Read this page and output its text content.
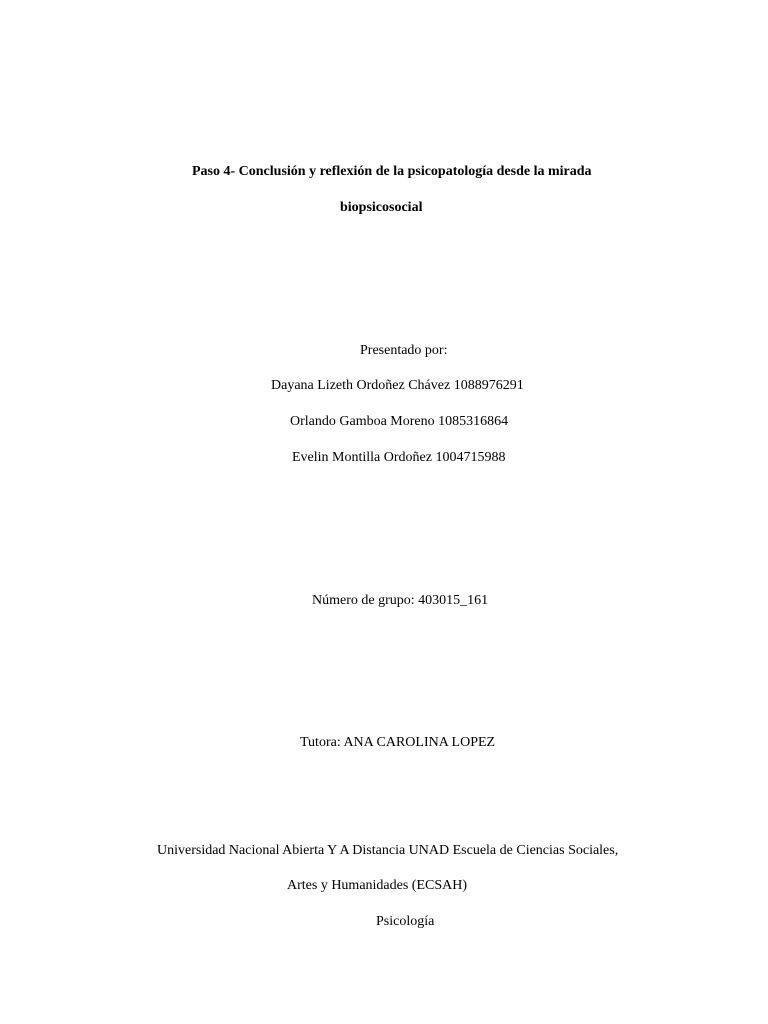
Paso 4- Conclusión y reflexión de la psicopatología desde la mirada
biopsicosocial
Presentado por:
Dayana Lizeth Ordoñez Chávez 1088976291
Orlando Gamboa Moreno 1085316864
Evelin Montilla Ordoñez 1004715988
Número de grupo: 403015_161
Tutora: ANA CAROLINA LOPEZ
Universidad Nacional Abierta Y A Distancia UNAD Escuela de Ciencias Sociales,
Artes y Humanidades (ECSAH)
Psicología
